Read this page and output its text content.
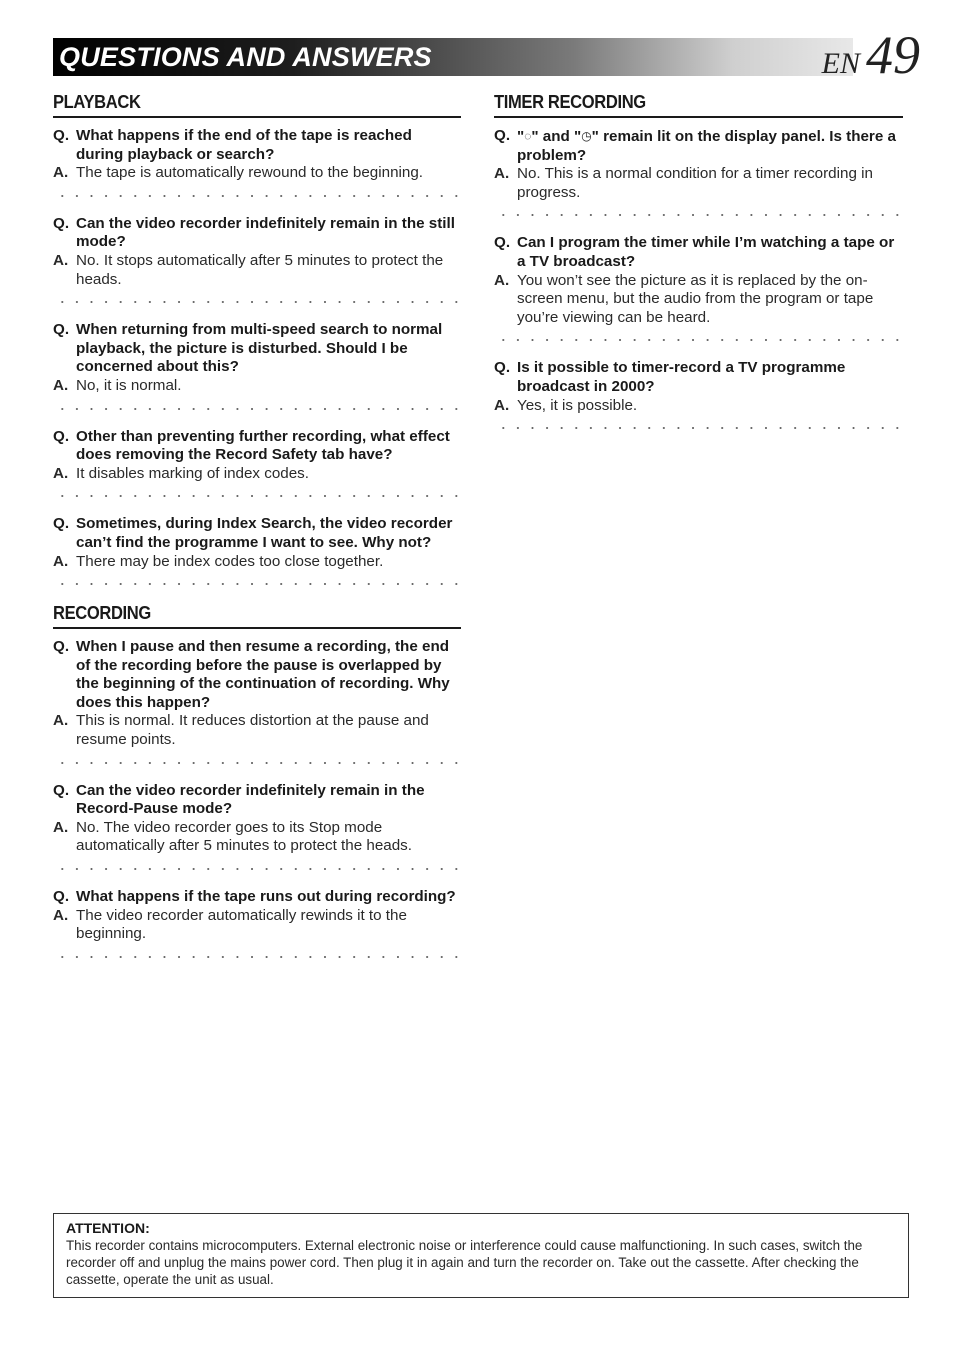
QUESTIONS AND ANSWERS	EN 49
PLAYBACK
Q. What happens if the end of the tape is reached during playback or search?
A. The tape is automatically rewound to the beginning.
Q. Can the video recorder indefinitely remain in the still mode?
A. No. It stops automatically after 5 minutes to protect the heads.
Q. When returning from multi-speed search to normal playback, the picture is disturbed. Should I be concerned about this?
A. No, it is normal.
Q. Other than preventing further recording, what effect does removing the Record Safety tab have?
A. It disables marking of index codes.
Q. Sometimes, during Index Search, the video recorder can’t find the programme I want to see. Why not?
A. There may be index codes too close together.
RECORDING
Q. When I pause and then resume a recording, the end of the recording before the pause is overlapped by the beginning of the continuation of recording. Why does this happen?
A. This is normal. It reduces distortion at the pause and resume points.
Q. Can the video recorder indefinitely remain in the Record-Pause mode?
A. No. The video recorder goes to its Stop mode automatically after 5 minutes to protect the heads.
Q. What happens if the tape runs out during recording?
A. The video recorder automatically rewinds it to the beginning.
TIMER RECORDING
Q. "◌" and "◷" remain lit on the display panel. Is there a problem?
A. No. This is a normal condition for a timer recording in progress.
Q. Can I program the timer while I’m watching a tape or a TV broadcast?
A. You won’t see the picture as it is replaced by the on-screen menu, but the audio from the program or tape you’re viewing can be heard.
Q. Is it possible to timer-record a TV programme broadcast in 2000?
A. Yes, it is possible.
ATTENTION:
This recorder contains microcomputers. External electronic noise or interference could cause malfunctioning. In such cases, switch the recorder off and unplug the mains power cord. Then plug it in again and turn the recorder on. Take out the cassette. After checking the cassette, operate the unit as usual.
